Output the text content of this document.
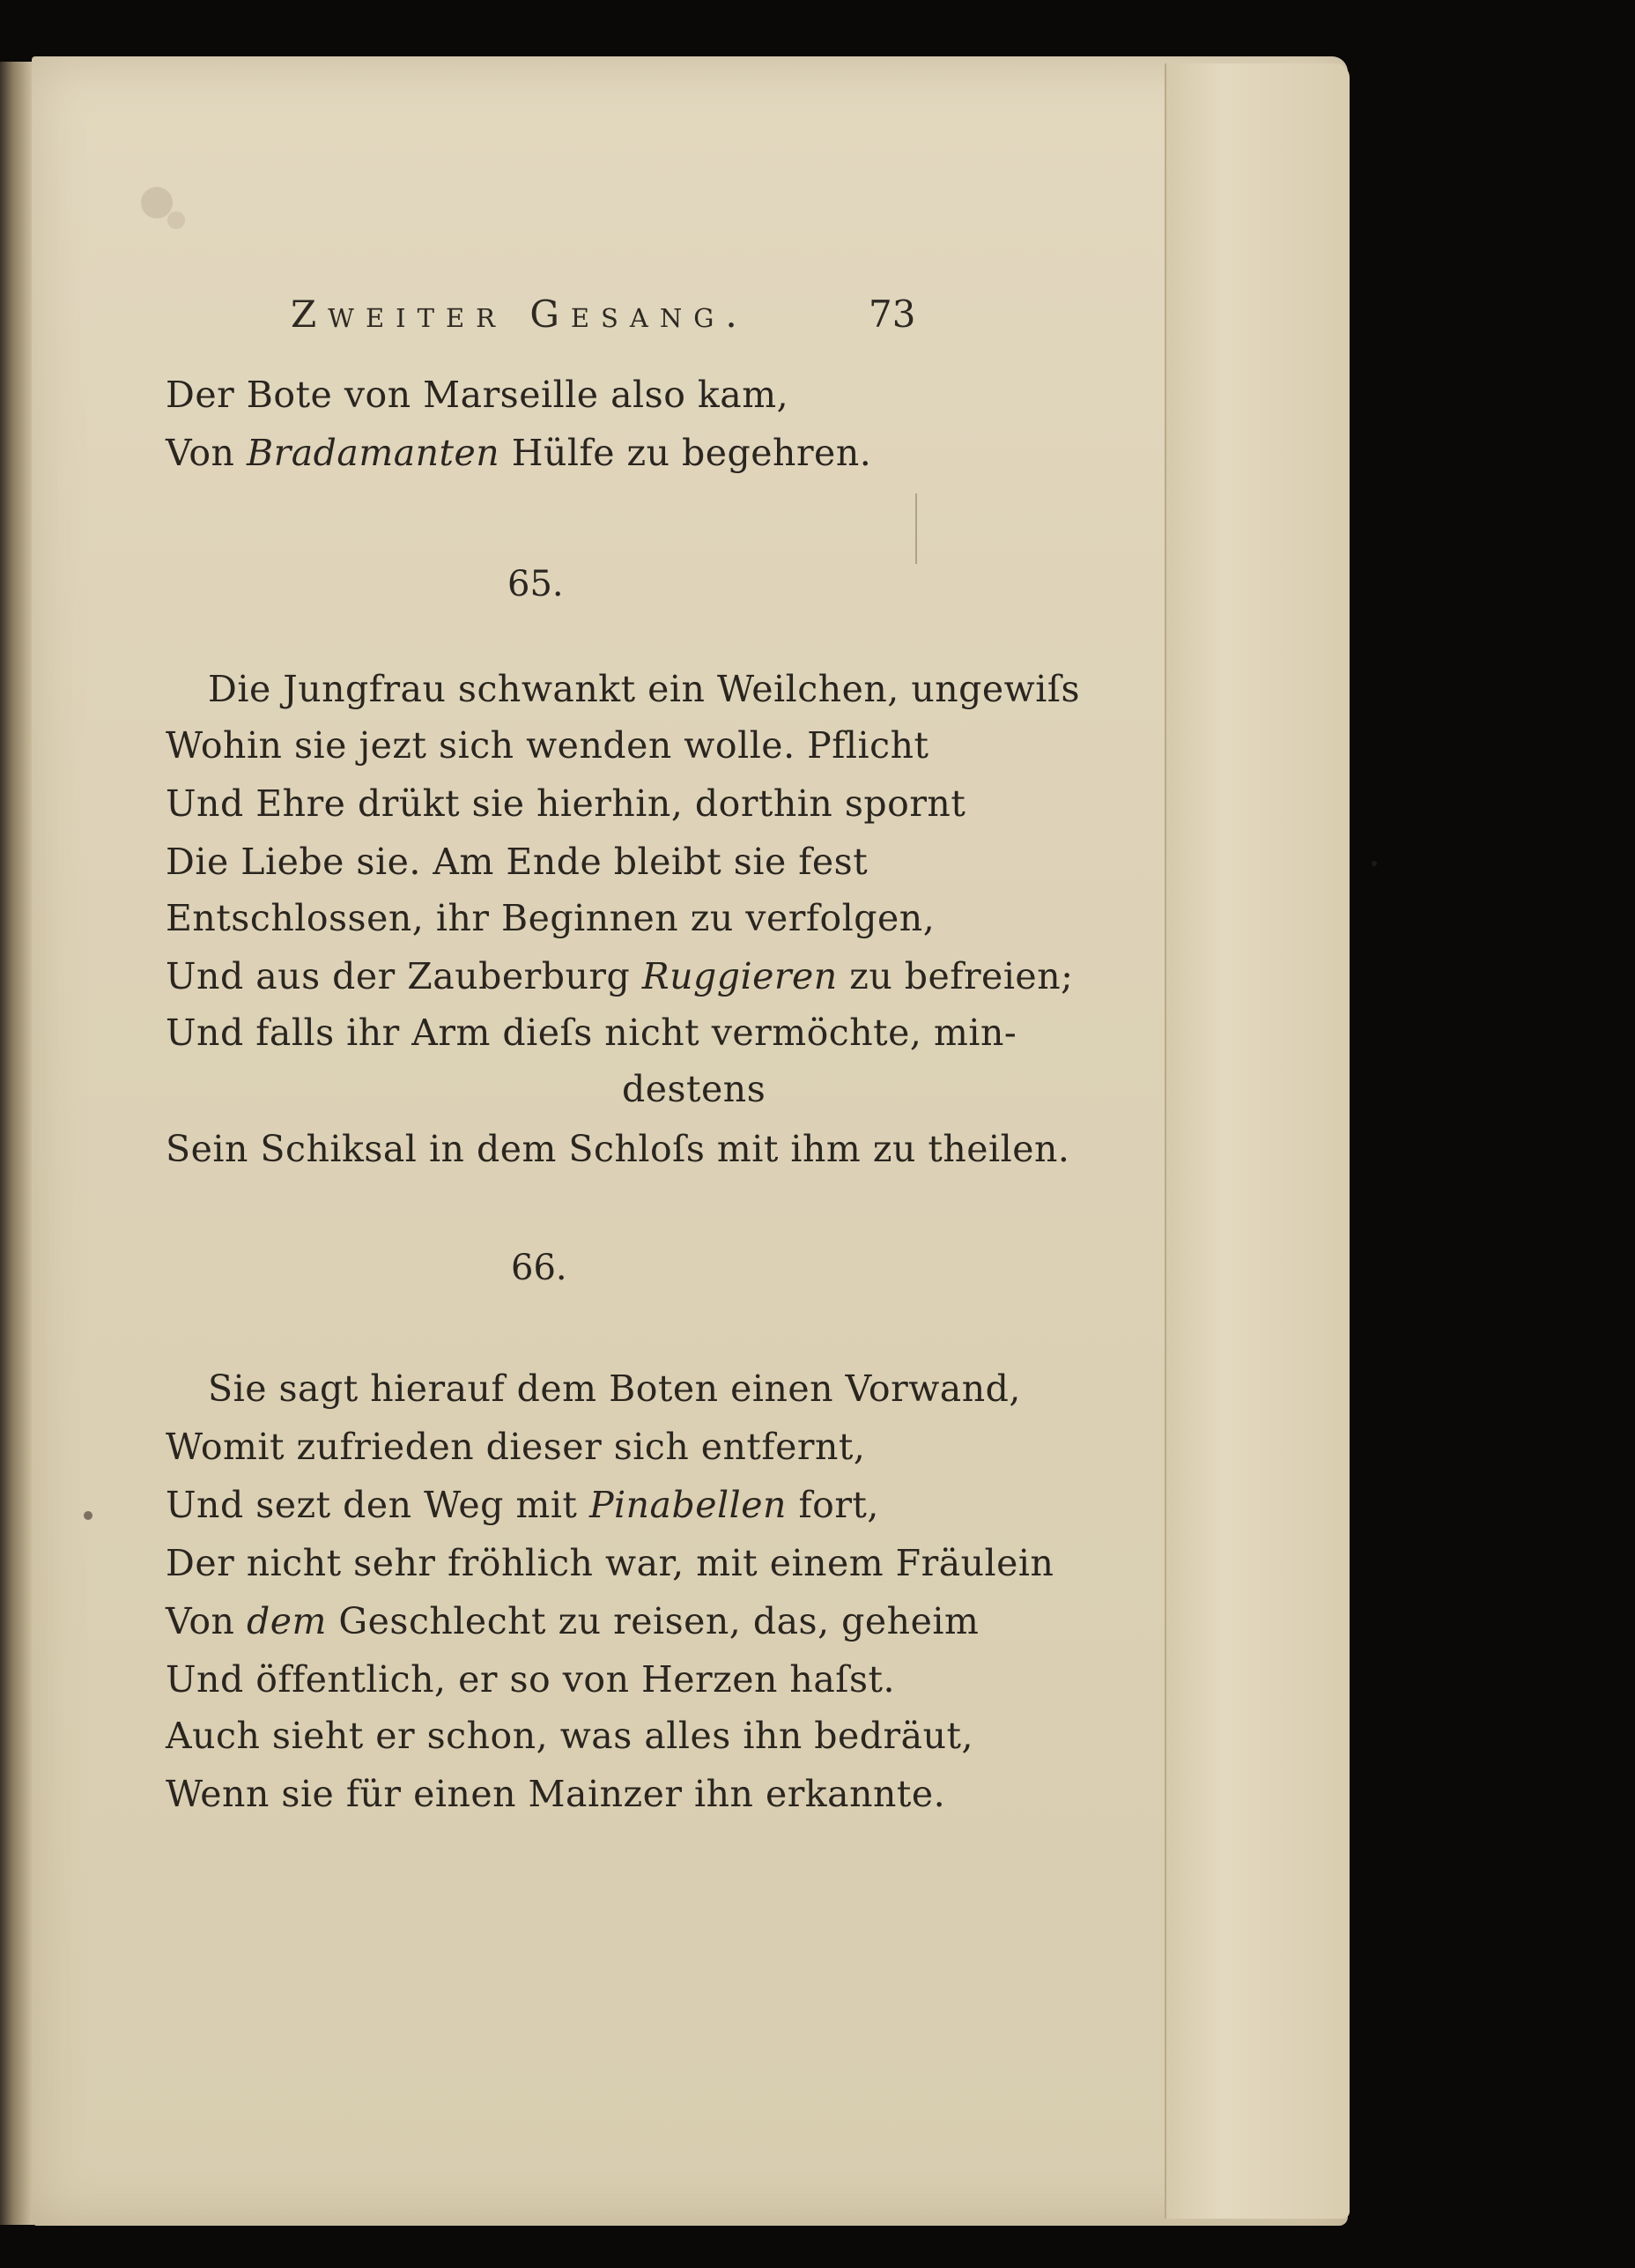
Zweiter Gesang.	73
Der Bote von Marseille also kam,
Von Bradamanten Hülfe zu begehren.
65.
Die Jungfrau schwankt ein Weilchen, ungewiſs
Wohin sie jezt sich wenden wolle. Pflicht
Und Ehre drükt sie hierhin, dorthin spornt
Die Liebe sie. Am Ende bleibt sie fest
Entschlossen, ihr Beginnen zu verfolgen,
Und aus der Zauberburg Ruggieren zu befreien;
Und falls ihr Arm dieſs nicht vermöchte, min-
destens
Sein Schiksal in dem Schloſs mit ihm zu theilen.
66.
Sie sagt hierauf dem Boten einen Vorwand,
Womit zufrieden dieser sich entfernt,
Und sezt den Weg mit Pinabellen fort,
Der nicht sehr fröhlich war, mit einem Fräulein
Von dem Geschlecht zu reisen, das, geheim
Und öffentlich, er so von Herzen haſst.
Auch sieht er schon, was alles ihn bedräut,
Wenn sie für einen Mainzer ihn erkannte.
